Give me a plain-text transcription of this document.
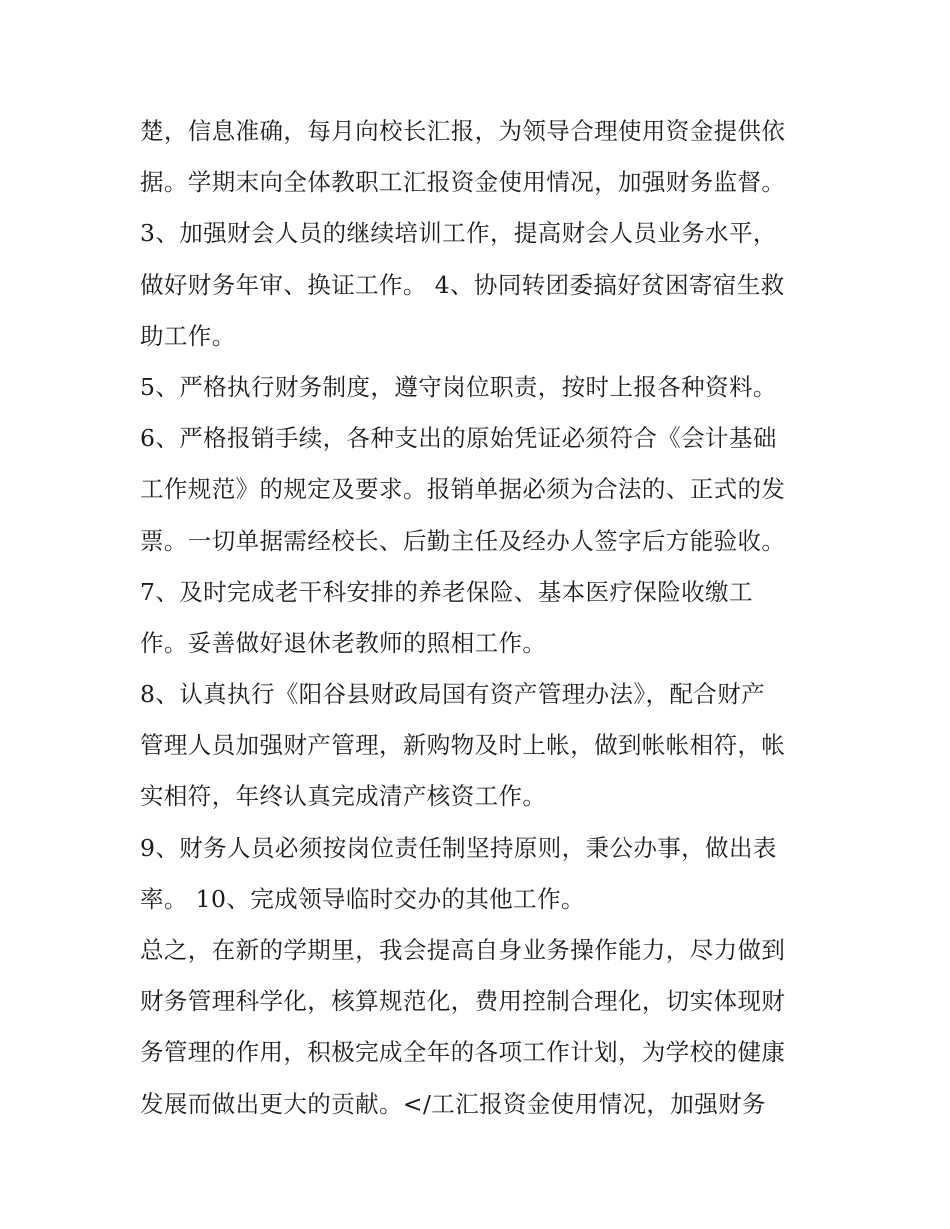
楚，信息准确，每月向校长汇报，为领导合理使用资金提供依
据。学期末向全体教职工汇报资金使用情况，加强财务监督。
3、加强财会人员的继续培训工作，提高财会人员业务水平，
做好财务年审、换证工作。 4、协同转团委搞好贫困寄宿生救
助工作。
5、严格执行财务制度，遵守岗位职责，按时上报各种资料。
6、严格报销手续，各种支出的原始凭证必须符合《会计基础
工作规范》的规定及要求。报销单据必须为合法的、正式的发
票。一切单据需经校长、后勤主任及经办人签字后方能验收。
7、及时完成老干科安排的养老保险、基本医疗保险收缴工
作。妥善做好退休老教师的照相工作。
8、认真执行《阳谷县财政局国有资产管理办法》，配合财产
管理人员加强财产管理，新购物及时上帐，做到帐帐相符，帐
实相符，年终认真完成清产核资工作。
9、财务人员必须按岗位责任制坚持原则，秉公办事，做出表
率。 10、完成领导临时交办的其他工作。
总之，在新的学期里，我会提高自身业务操作能力，尽力做到
财务管理科学化，核算规范化，费用控制合理化，切实体现财
务管理的作用，积极完成全年的各项工作计划，为学校的健康
发展而做出更大的贡献。</工汇报资金使用情况，加强财务
